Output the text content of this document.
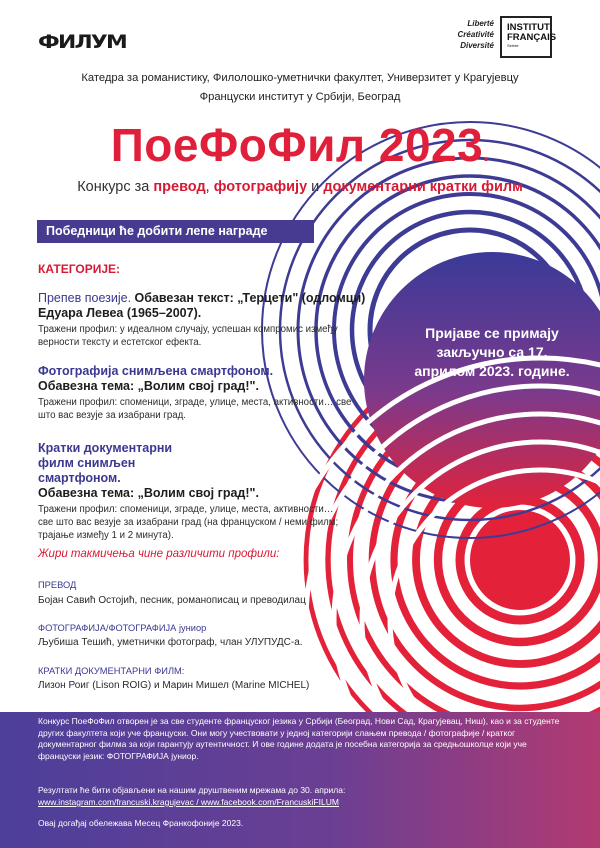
ФИЛУМ
Liberté
Créativité
Diversité
INSTITUT
FRANÇAIS
Serbie
Катедра за романистику, Филолошко-уметнички факултет, Универзитет у Крагујевцу
Француски институт у Србији, Београд
ПоеФоФил 2023.
Конкурс за превод, фотографију и документарни кратки филм
Победници ће добити лепе награде
КАТЕГОРИЈЕ:
Препев поезије. Обавезан текст: „Терцети" (одломци) Едуара Левеа (1965–2007).
Тражени профил: у идеалном случају, успешан компромис између верности тексту и естетског ефекта.
Фотографија снимљена смартфоном.
Обавезна тема: „Волим свој град!".
Тражени профил: споменици, зграде, улице, места, активности… све што вас везује за изабрани град.
Кратки документарни филм снимљен смартфоном.
Обавезна тема: „Волим свој град!".
Тражени профил: споменици, зграде, улице, места, активности… све што вас везује за изабрани град (на француском / неми филм; трајање између 1 и 2 минута).
Пријаве се примају закључно са 17. априлом 2023. године.
Жири такмичења чине различити профили:
ПРЕВОД
Бојан Савић Остојић, песник, романописац и преводилац
ФОТОГРАФИЈА/ФОТОГРАФИЈА јуниор
Љубиша Тешић, уметнички фотограф, члан УЛУПУДС-а.
КРАТКИ ДОКУМЕНТАРНИ ФИЛМ:
Лизон Роиг (Lison ROIG) и Марин Мишел (Marine MICHEL)
Конкурс ПоеФоФил отворен је за све студенте француског језика у Србији (Београд, Нови Сад, Крагујевац, Ниш), као и за студенте других факултета који уче француски. Они могу учествовати у једној категорији слањем превода / фотографије / кратког документарног филма за који гарантују аутентичност. И ове године додата је посебна категорија за средњошколце који уче француски језик: ФОТОГРАФИЈА јуниор.
Резултати ће бити објављени на нашим друштвеним мрежама до 30. априла:
www.instagram.com/francuski.kragujevac / www.facebook.com/FrancuskiFILUM
Овај догађај обележава Месец Франкофоније 2023.
